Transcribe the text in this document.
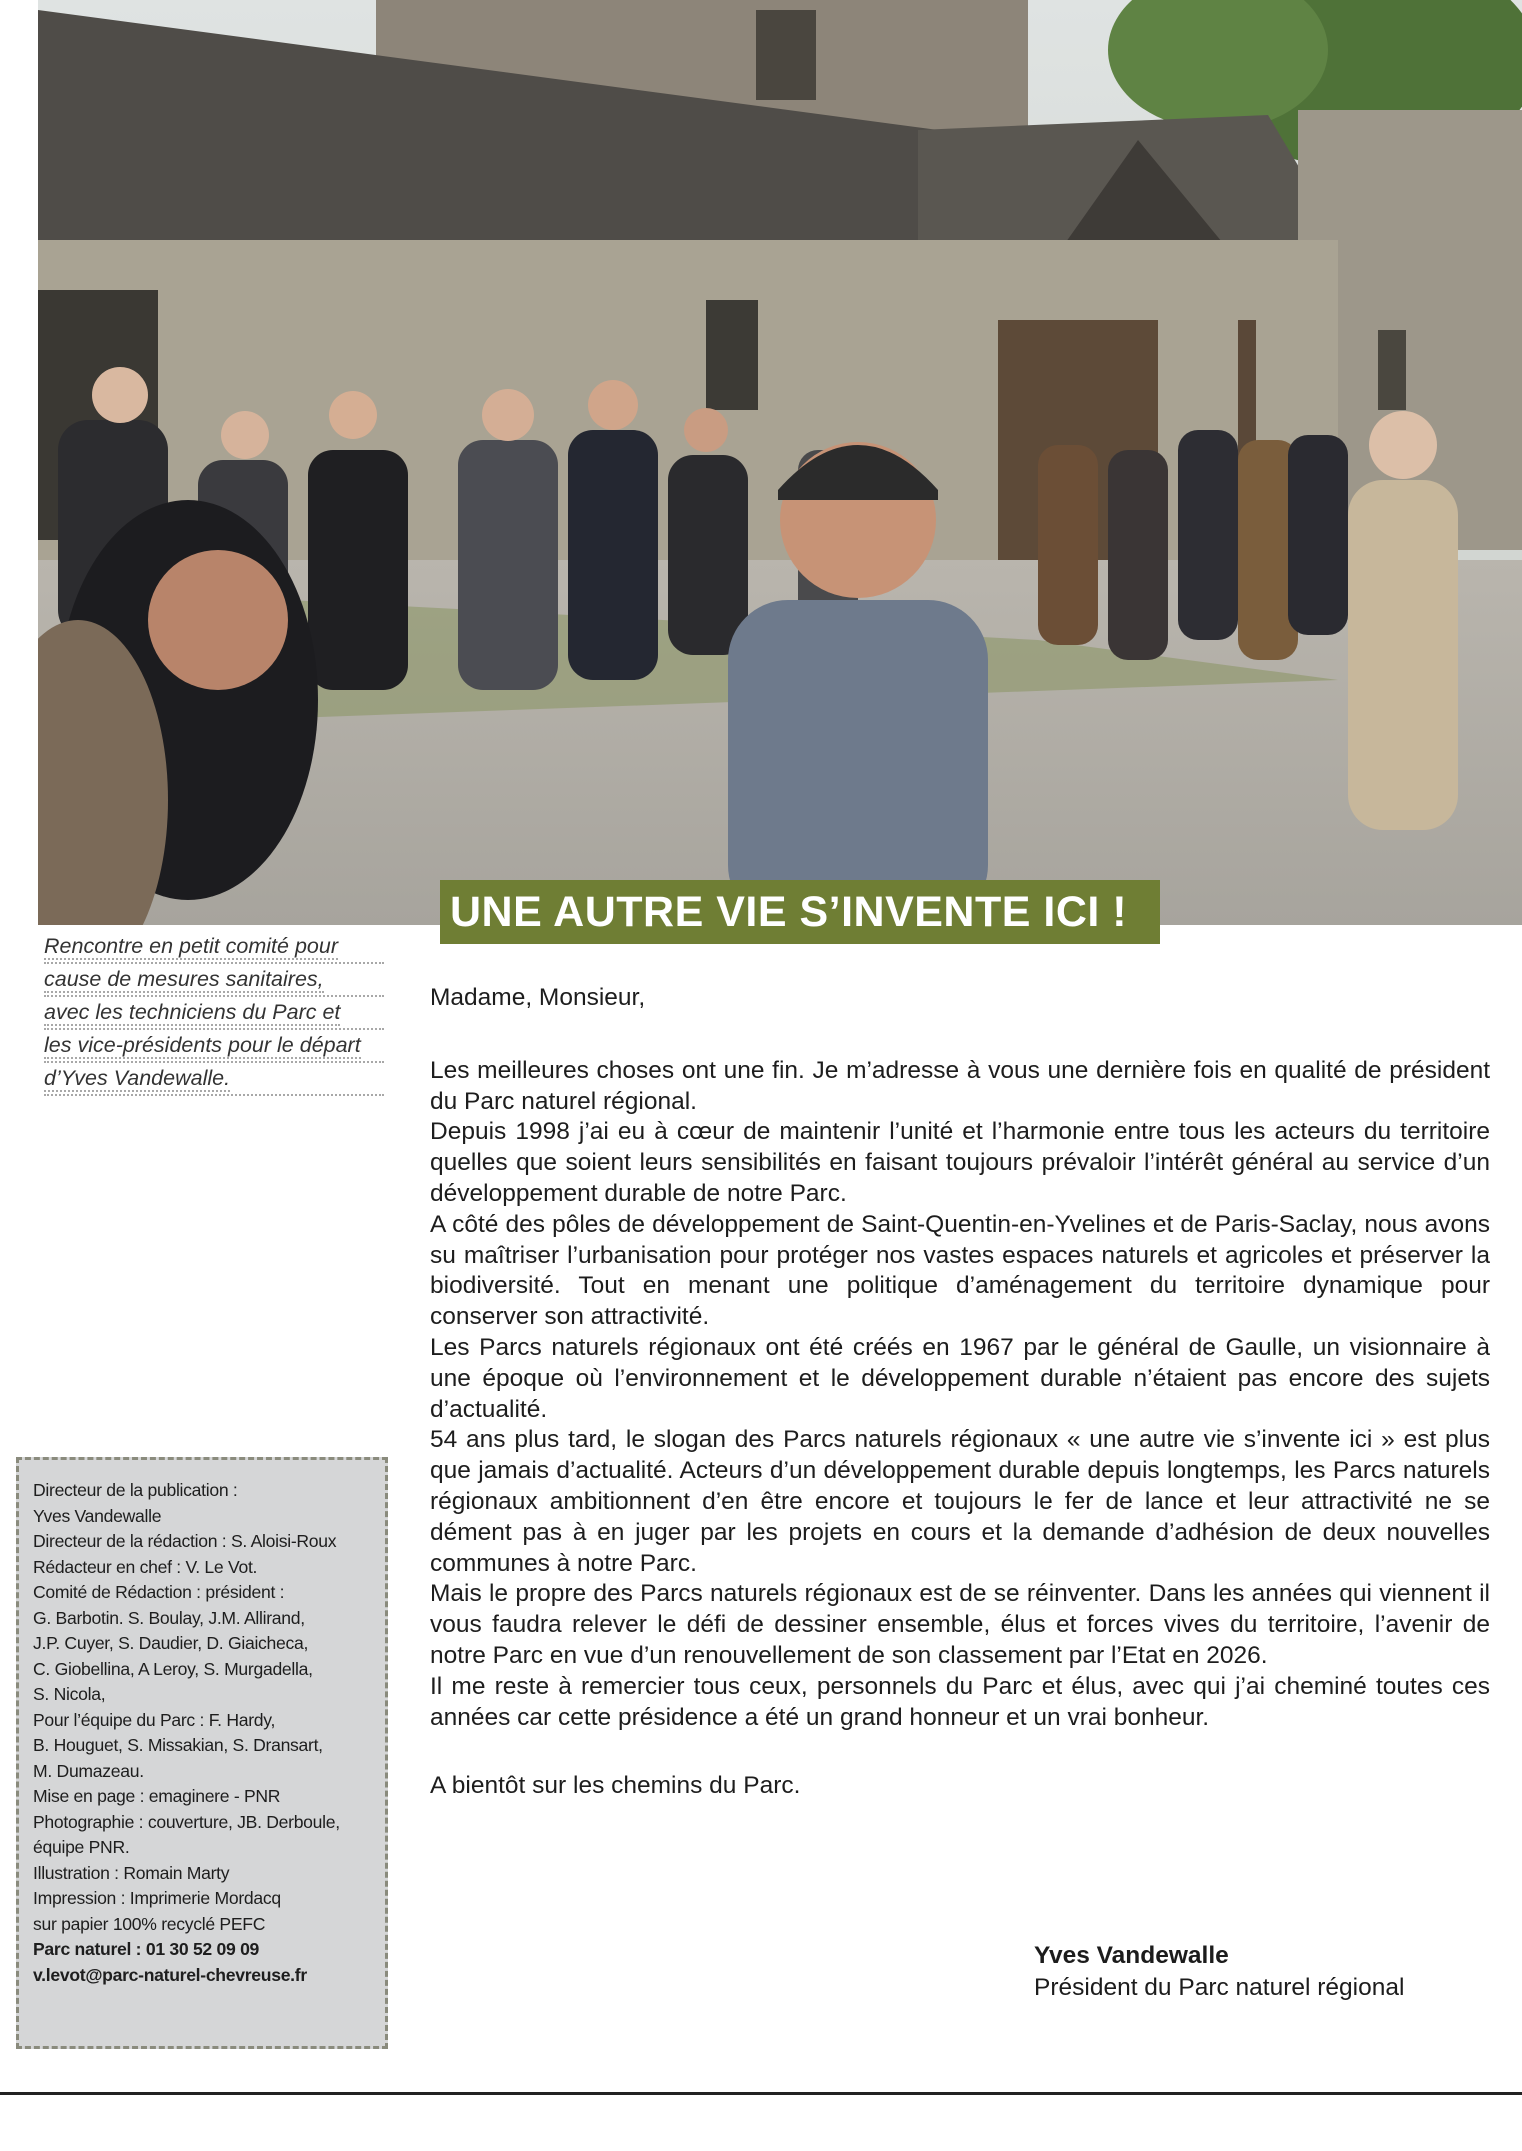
UNE AUTRE VIE S’INVENTE ICI !
Rencontre en petit comité pour
cause de mesures sanitaires,
avec les techniciens du Parc et
les vice-présidents pour le départ
d’Yves Vandewalle.

Madame, Monsieur,

Les meilleures choses ont une fin. Je m’adresse à vous une dernière fois en qualité de président du Parc naturel régional.

Depuis 1998 j’ai eu à cœur de maintenir l’unité et l’harmonie entre tous les acteurs du territoire quelles que soient leurs sensibilités en faisant toujours prévaloir l’intérêt général au service d’un développement durable de notre Parc.

A côté des pôles de développement de Saint-Quentin-en-Yvelines et de Paris-Saclay, nous avons su maîtriser l’urbanisation pour protéger nos vastes espaces naturels et agricoles et préserver la biodiversité. Tout en menant une politique d’aménagement du territoire dynamique pour conserver son attractivité.

Les Parcs naturels régionaux ont été créés en 1967 par le général de Gaulle, un visionnaire à une époque où l’environnement et le développement durable n’étaient pas encore des sujets d’actualité.

54 ans plus tard, le slogan des Parcs naturels régionaux « une autre vie s’invente ici » est plus que jamais d’actualité. Acteurs d’un développement durable depuis longtemps, les Parcs naturels régionaux ambitionnent d’en être encore et toujours le fer de lance et leur attractivité ne se dément pas à en juger par les projets en cours et la demande d’adhésion de deux nouvelles communes à notre Parc.

Mais le propre des Parcs naturels régionaux est de se réinventer. Dans les années qui viennent il vous faudra relever le défi de dessiner ensemble, élus et forces vives du territoire, l’avenir de notre Parc en vue d’un renouvellement de son classement par l’Etat en 2026.

Il me reste à remercier tous ceux, personnels du Parc et élus, avec qui j’ai cheminé toutes ces années car cette présidence a été un grand honneur et un vrai bonheur.

A bientôt sur les chemins du Parc.

Yves Vandewalle
Président du Parc naturel régional
Directeur de la publication :
Yves Vandewalle
Directeur de la rédaction : S. Aloisi-Roux
Rédacteur en chef : V. Le Vot.
Comité de Rédaction : président :
G. Barbotin. S. Boulay, J.M. Allirand,
J.P. Cuyer, S. Daudier, D. Giaicheca,
C. Giobellina, A Leroy, S. Murgadella,
S. Nicola,
Pour l’équipe du Parc : F. Hardy,
B. Houguet, S. Missakian, S. Dransart,
M. Dumazeau.
Mise en page : emaginere - PNR
Photographie : couverture, JB. Derboule,
équipe PNR.
Illustration : Romain Marty
Impression : Imprimerie Mordacq
sur papier 100% recyclé PEFC
Parc naturel : 01 30 52 09 09
v.levot@parc-naturel-chevreuse.fr
